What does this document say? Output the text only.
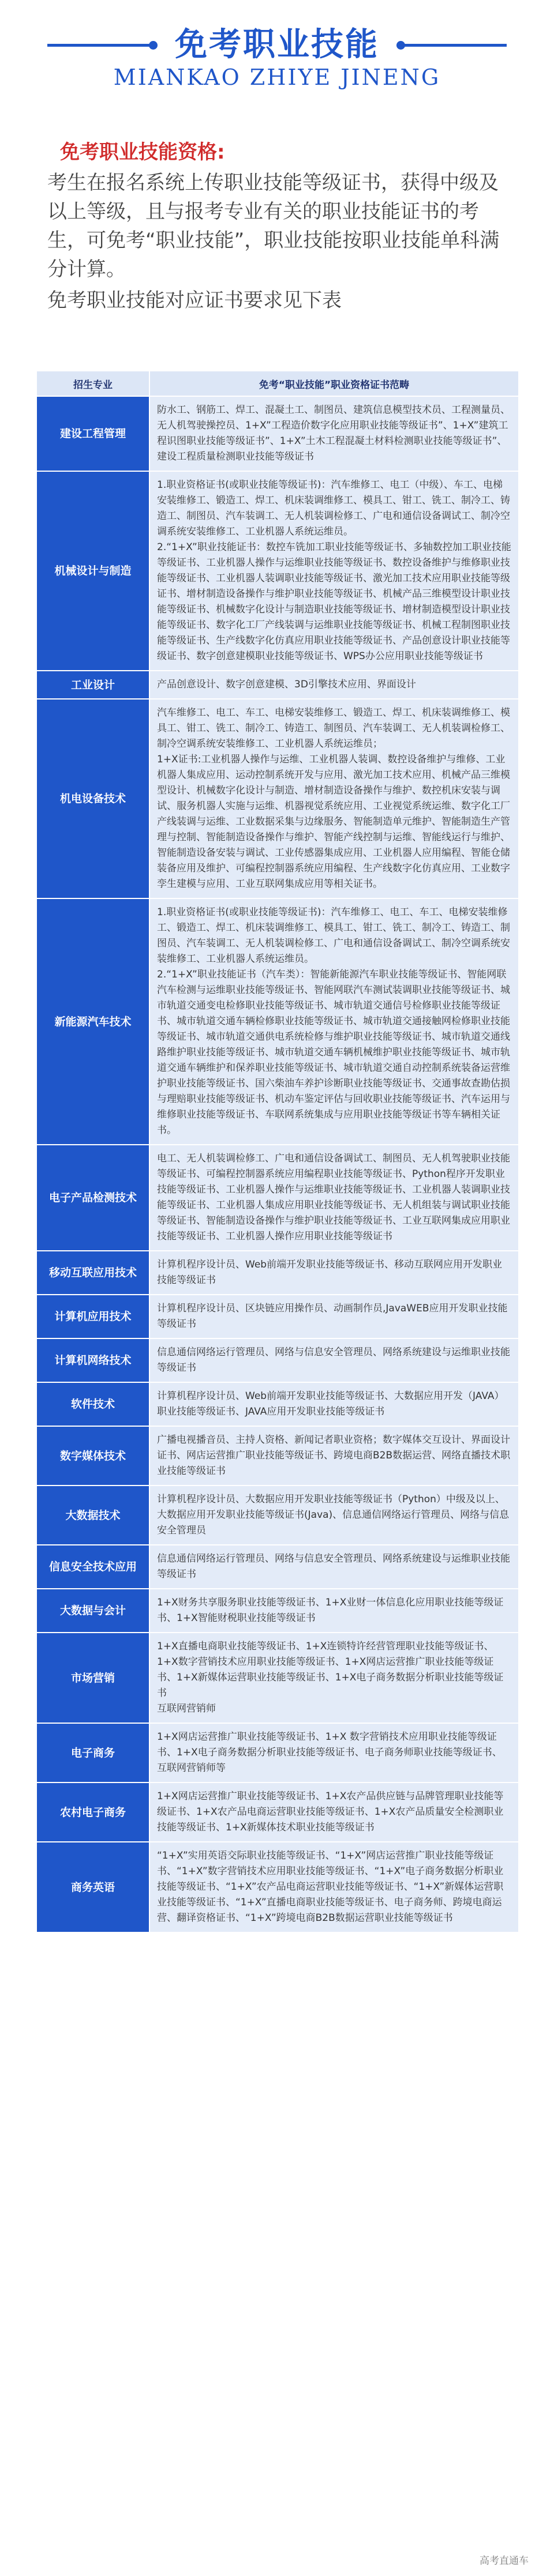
免考职业技能
MIANKAO ZHIYE JINENG
免考职业技能资格:

考生在报名系统上传职业技能等级证书，获得中级及以上等级，且与报考专业有关的职业技能证书的考生，可免考“职业技能”，职业技能按职业技能单科满分计算。

免考职业技能对应证书要求见下表

招生专业	免考“职业技能”职业资格证书范畴
建设工程管理	防水工、钢筋工、焊工、混凝土工、制图员、建筑信息模型技术员、工程测量员、无人机驾驶操控员、1+X”工程造价数字化应用职业技能等级证书”、1+X”建筑工程识图职业技能等级证书”、1+X”土木工程混凝土材料检测职业技能等级证书”、建设工程质量检测职业技能等级证书

机械设计与制造	1.职业资格证书(或职业技能等级证书)：汽车维修工、电工（中级）、车工、电梯安装维修工、锻造工、焊工、机床装调维修工、模具工、钳工、铣工、制冷工、铸造工、制图员、汽车装调工、无人机装调检修工、广电和通信设备调试工、制冷空调系统安装维修工、工业机器人系统运维员。
2.“1+X”职业技能证书：数控车铣加工职业技能等级证书、多轴数控加工职业技能等级证书、工业机器人操作与运维职业技能等级证书、数控设备维护与维修职业技能等级证书、工业机器人装调职业技能等级证书、激光加工技术应用职业技能等级证书、增材制造设备操作与维护职业技能等级证书、机械产品三维模型设计职业技能等级证书、机械数字化设计与制造职业技能等级证书、增材制造模型设计职业技能等级证书、数字化工厂产线装调与运维职业技能等级证书、机械工程制图职业技能等级证书、生产线数字化仿真应用职业技能等级证书、产品创意设计职业技能等级证书、数字创意建模职业技能等级证书、WPS办公应用职业技能等级证书

工业设计	产品创意设计、数字创意建模、3D引擎技术应用、界面设计

机电设备技术	汽车维修工、电工、车工、电梯安装维修工、锻造工、焊工、机床装调维修工、模具工、钳工、铣工、制冷工、铸造工、制图员、汽车装调工、无人机装调检修工、制冷空调系统安装维修工、工业机器人系统运维员；
1+X证书:工业机器人操作与运维、工业机器人装调、数控设备维护与维修、工业机器人集成应用、运动控制系统开发与应用、激光加工技术应用、机械产品三维模型设计、机械数字化设计与制造、增材制造设备操作与维护、数控机床安装与调试、服务机器人实施与运维、机器视觉系统应用、工业视觉系统运维、数字化工厂产线装调与运维、工业数据采集与边缘服务、智能制造单元维护、智能制造生产管理与控制、智能制造设备操作与维护、智能产线控制与运维、智能线运行与维护、智能制造设备安装与调试、工业传感器集成应用、工业机器人应用编程、智能仓储装备应用及维护、可编程控制器系统应用编程、生产线数字化仿真应用、工业数字孪生建模与应用、工业互联网集成应用等相关证书。

新能源汽车技术	1.职业资格证书(或职业技能等级证书)：汽车维修工、电工、车工、电梯安装维修工、锻造工、焊工、机床装调维修工、模具工、钳工、铣工、制冷工、铸造工、制图员、汽车装调工、无人机装调检修工、广电和通信设备调试工、制冷空调系统安装维修工、工业机器人系统运维员。
2.“1+X”职业技能证书（汽车类）：智能新能源汽车职业技能等级证书、智能网联汽车检测与运维职业技能等级证书、智能网联汽车测试装调职业技能等级证书、城市轨道交通变电检修职业技能等级证书、城市轨道交通信号检修职业技能等级证书、城市轨道交通车辆检修职业技能等级证书、城市轨道交通接触网检修职业技能等级证书、城市轨道交通供电系统检修与维护职业技能等级证书、城市轨道交通线路维护职业技能等级证书、城市轨道交通车辆机械维护职业技能等级证书、城市轨道交通车辆维护和保养职业技能等级证书、城市轨道交通自动控制系统装备运营维护职业技能等级证书、国六柴油车养护诊断职业技能等级证书、交通事故查勘估损与理赔职业技能等级证书、机动车鉴定评估与回收职业技能等级证书、汽车运用与维修职业技能等级证书、车联网系统集成与应用职业技能等级证书等车辆相关证书。

电子产品检测技术	电工、无人机装调检修工、广电和通信设备调试工、制图员、无人机驾驶职业技能等级证书、可编程控制器系统应用编程职业技能等级证书、Python程序开发职业技能等级证书、工业机器人操作与运维职业技能等级证书、工业机器人装调职业技能等级证书、工业机器人集成应用职业技能等级证书、无人机组装与调试职业技能等级证书、智能制造设备操作与维护职业技能等级证书、工业互联网集成应用职业技能等级证书、工业机器人操作应用职业技能等级证书

移动互联应用技术	计算机程序设计员、Web前端开发职业技能等级证书、移动互联网应用开发职业技能等级证书

计算机应用技术	计算机程序设计员、区块链应用操作员、动画制作员,JavaWEB应用开发职业技能等级证书

计算机网络技术	信息通信网络运行管理员、网络与信息安全管理员、网络系统建设与运维职业技能等级证书

软件技术	计算机程序设计员、Web前端开发职业技能等级证书、大数据应用开发（JAVA）职业技能等级证书、JAVA应用开发职业技能等级证书

数字媒体技术	广播电视播音员、主持人资格、新闻记者职业资格；数字媒体交互设计、界面设计证书、网店运营推广职业技能等级证书、跨境电商B2B数据运营、网络直播技术职业技能等级证书

大数据技术	计算机程序设计员、大数据应用开发职业技能等级证书（Python）中级及以上、大数据应用开发职业技能等级证书(Java)、信息通信网络运行管理员、网络与信息安全管理员

信息安全技术应用	信息通信网络运行管理员、网络与信息安全管理员、网络系统建设与运维职业技能等级证书

大数据与会计	1+X财务共享服务职业技能等级证书、1+X业财一体信息化应用职业技能等级证书、1+X智能财税职业技能等级证书

市场营销	1+X直播电商职业技能等级证书、1+X连锁特许经营管理职业技能等级证书、1+X数字营销技术应用职业技能等级证书、1+X网店运营推广职业技能等级证书、1+X新媒体运营职业技能等级证书、1+X电子商务数据分析职业技能等级证书
互联网营销师

电子商务	1+X网店运营推广职业技能等级证书、1+X 数字营销技术应用职业技能等级证书、1+X电子商务数据分析职业技能等级证书、电子商务师职业技能等级证书、互联网营销师等

农村电子商务	1+X网店运营推广职业技能等级证书、1+X农产品供应链与品牌管理职业技能等级证书、1+X农产品电商运营职业技能等级证书、1+X农产品质量安全检测职业技能等级证书、1+X新媒体技术职业技能等级证书

商务英语	“1+X”实用英语交际职业技能等级证书、“1+X”网店运营推广职业技能等级证书、“1+X”数字营销技术应用职业技能等级证书、“1+X”电子商务数据分析职业技能等级证书、“1+X”农产品电商运营职业技能等级证书、“1+X”新媒体运营职业技能等级证书、“1+X”直播电商职业技能等级证书、电子商务师、跨境电商运营、翻译资格证书、“1+X”跨境电商B2B数据运营职业技能等级证书
高考直通车
